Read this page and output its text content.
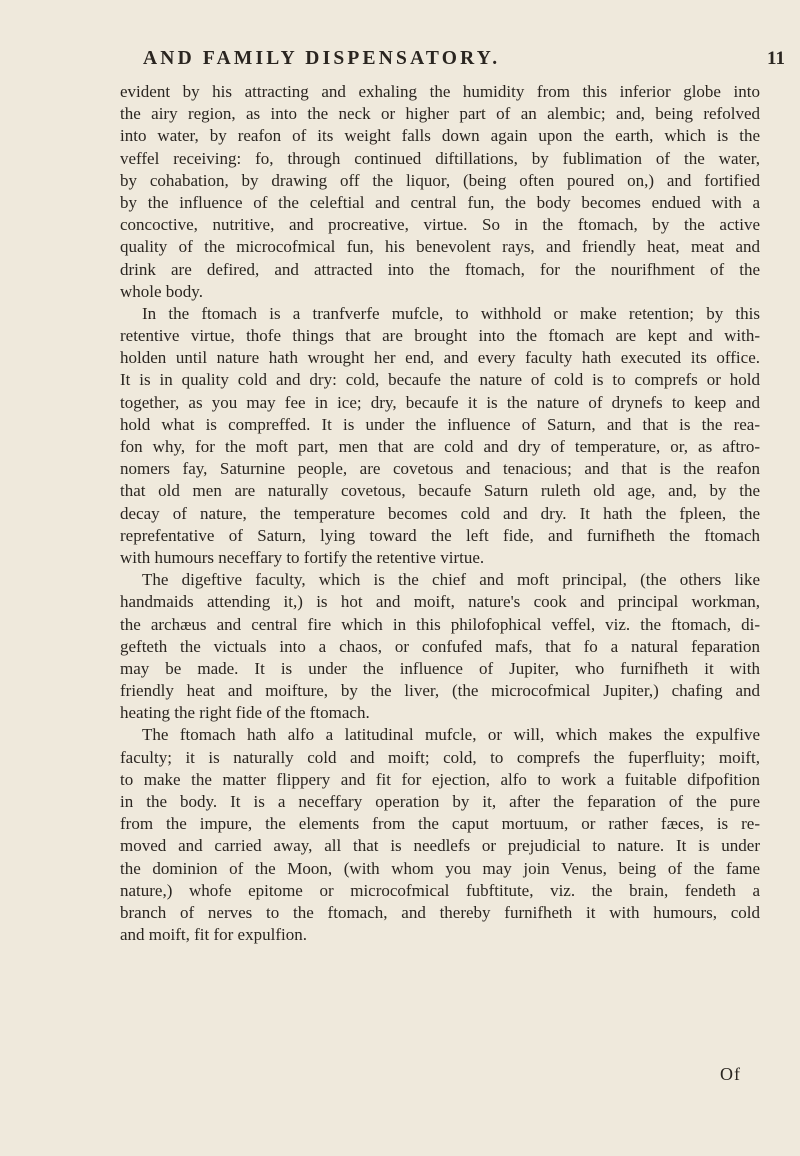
AND FAMILY DISPENSATORY.	11
evident by his attracting and exhaling the humidity from this inferior globe into
the airy region, as into the neck or higher part of an alembic; and, being refolved
into water, by reafon of its weight falls down again upon the earth, which is the
veffel receiving: fo, through continued diftillations, by fublimation of the water,
by cohabation, by drawing off the liquor, (being often poured on,) and fortified
by the influence of the celeftial and central fun, the body becomes endued with a
concoctive, nutritive, and procreative, virtue. So in the ftomach, by the active
quality of the microcofmical fun, his benevolent rays, and friendly heat, meat and
drink are defired, and attracted into the ftomach, for the nourifhment of the
whole body.
In the ftomach is a tranfverfe mufcle, to withhold or make retention; by this
retentive virtue, thofe things that are brought into the ftomach are kept and with-
holden until nature hath wrought her end, and every faculty hath executed its office.
It is in quality cold and dry: cold, becaufe the nature of cold is to comprefs or hold
together, as you may fee in ice; dry, becaufe it is the nature of drynefs to keep and
hold what is compreffed. It is under the influence of Saturn, and that is the rea-
fon why, for the moft part, men that are cold and dry of temperature, or, as aftro-
nomers fay, Saturnine people, are covetous and tenacious; and that is the reafon
that old men are naturally covetous, becaufe Saturn ruleth old age, and, by the
decay of nature, the temperature becomes cold and dry. It hath the fpleen, the
reprefentative of Saturn, lying toward the left fide, and furnifheth the ftomach
with humours neceffary to fortify the retentive virtue.
The digeftive faculty, which is the chief and moft principal, (the others like
handmaids attending it,) is hot and moift, nature's cook and principal workman,
the archæus and central fire which in this philofophical veffel, viz. the ftomach, di-
gefteth the victuals into a chaos, or confufed mafs, that fo a natural feparation
may be made. It is under the influence of Jupiter, who furnifheth it with
friendly heat and moifture, by the liver, (the microcofmical Jupiter,) chafing and
heating the right fide of the ftomach.
The ftomach hath alfo a latitudinal mufcle, or will, which makes the expulfive
faculty; it is naturally cold and moift; cold, to comprefs the fuperfluity; moift,
to make the matter flippery and fit for ejection, alfo to work a fuitable difpofition
in the body. It is a neceffary operation by it, after the feparation of the pure
from the impure, the elements from the caput mortuum, or rather fæces, is re-
moved and carried away, all that is needlefs or prejudicial to nature. It is under
the dominion of the Moon, (with whom you may join Venus, being of the fame
nature,) whofe epitome or microcofmical fubftitute, viz. the brain, fendeth a
branch of nerves to the ftomach, and thereby furnifheth it with humours, cold
and moift, fit for expulfion.
Of
